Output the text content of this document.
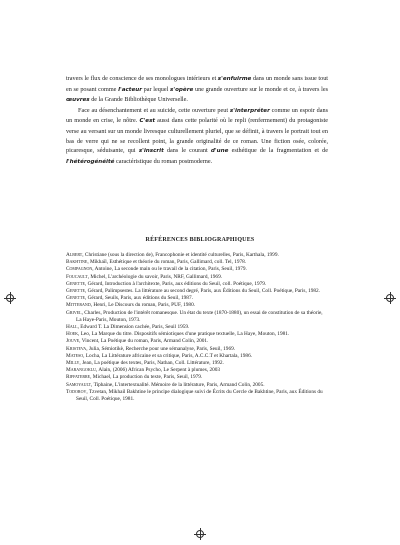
travers le flux de conscience de ses monologues intérieurs et s'enfuirme dans un monde sans issue tout en se posant comme l'acteur par lequel s'opère une grande ouverture sur le monde et ce, à travers les œuvres de la Grande Bibliothèque Universelle.

Face au désenchantement et au suicide, cette ouverture peut s'interpréter comme un espoir dans un monde en crise, le nôtre. C'est aussi dans cette polarité où le repli (renfermement) du protagoniste verse au versant sur un monde livresque culturellement pluriel, que se définit, à travers le portrait tout en bas de verre qui ne se recollent point, la grande originalité de ce roman. Une fiction osée, colorée, picaresque, séduisante, qui s'inscrit dans le courant d'une esthétique de la fragmentation et de l'hétérogénéité caractéristique du roman postmoderne.

RÉFÉRENCES BIBLIOGRAPHIQUES

Albert, Christiane (sous la direction de), Francophonie et identité culturelles, Paris, Karthala, 1999.

Bakhtine, Mikhaïl, Esthétique et théorie du roman, Paris, Gallimard, coll. Tel, 1978.

Compagnon, Antoine, La seconde main ou le travail de la citation, Paris, Seuil, 1979.

Foucault, Michel, L'archéologie du savoir, Paris, NRF, Gallimard, 1969.

Genette, Gérard, Introduction à l'architexte, Paris, aux éditions du Seuil, coll. Poétique, 1979.

Genette, Gérard, Palimpsestes. La littérature au second degré, Paris, aux Éditions du Seuil, Coll. Poétique, Paris, 1982.

Genette, Gérard, Seuils, Paris, aux éditions du Seuil, 1987.

Mitterand, Henri, Le Discours du roman, Paris, PUF, 1980.

Grivel, Charles, Production de l'intérêt romanesque. Un état du texte (1870-1880), un essai de constitution de sa théorie, La Haye-Paris, Mouton, 1973.

Hall, Edward T. La Dimension cachée, Paris, Seuil 1959.

Hoek, Leo, La Marque du titre. Dispositifs sémiotiques d'une pratique textuelle, La Haye, Mouton, 1981.

Jouve, Vincent, La Poétique du roman, Paris, Armand Colin, 2001.

Kristeva, Julia, Sémiotikè, Recherche pour une sémanalyse, Paris, Seuil, 1969.

Mateso, Locha, La Littérature africaine et sa critique, Paris, A.C.C.T et Khartala, 1986.

Milly, Jean, La poétique des textes, Paris, Nathan, Coll. Littérature, 1992.

Marangoklu, Alain, (2006) African Psycho, Le Serpent à plumes, 2003

Riffaterre, Michael, La production du texte, Paris, Seuil, 1979.

Samoyault, Tiphaine, L'intertextualité. Mémoire de la littérature, Paris, Armand Colin, 2005.

Todorov, Tzvetan, Mikhail Bakhtine le principe dialogique suivi de Écrits du Cercle de Bakhtine, Paris, aux Éditions du Seuil, Coll. Poétique, 1981.
